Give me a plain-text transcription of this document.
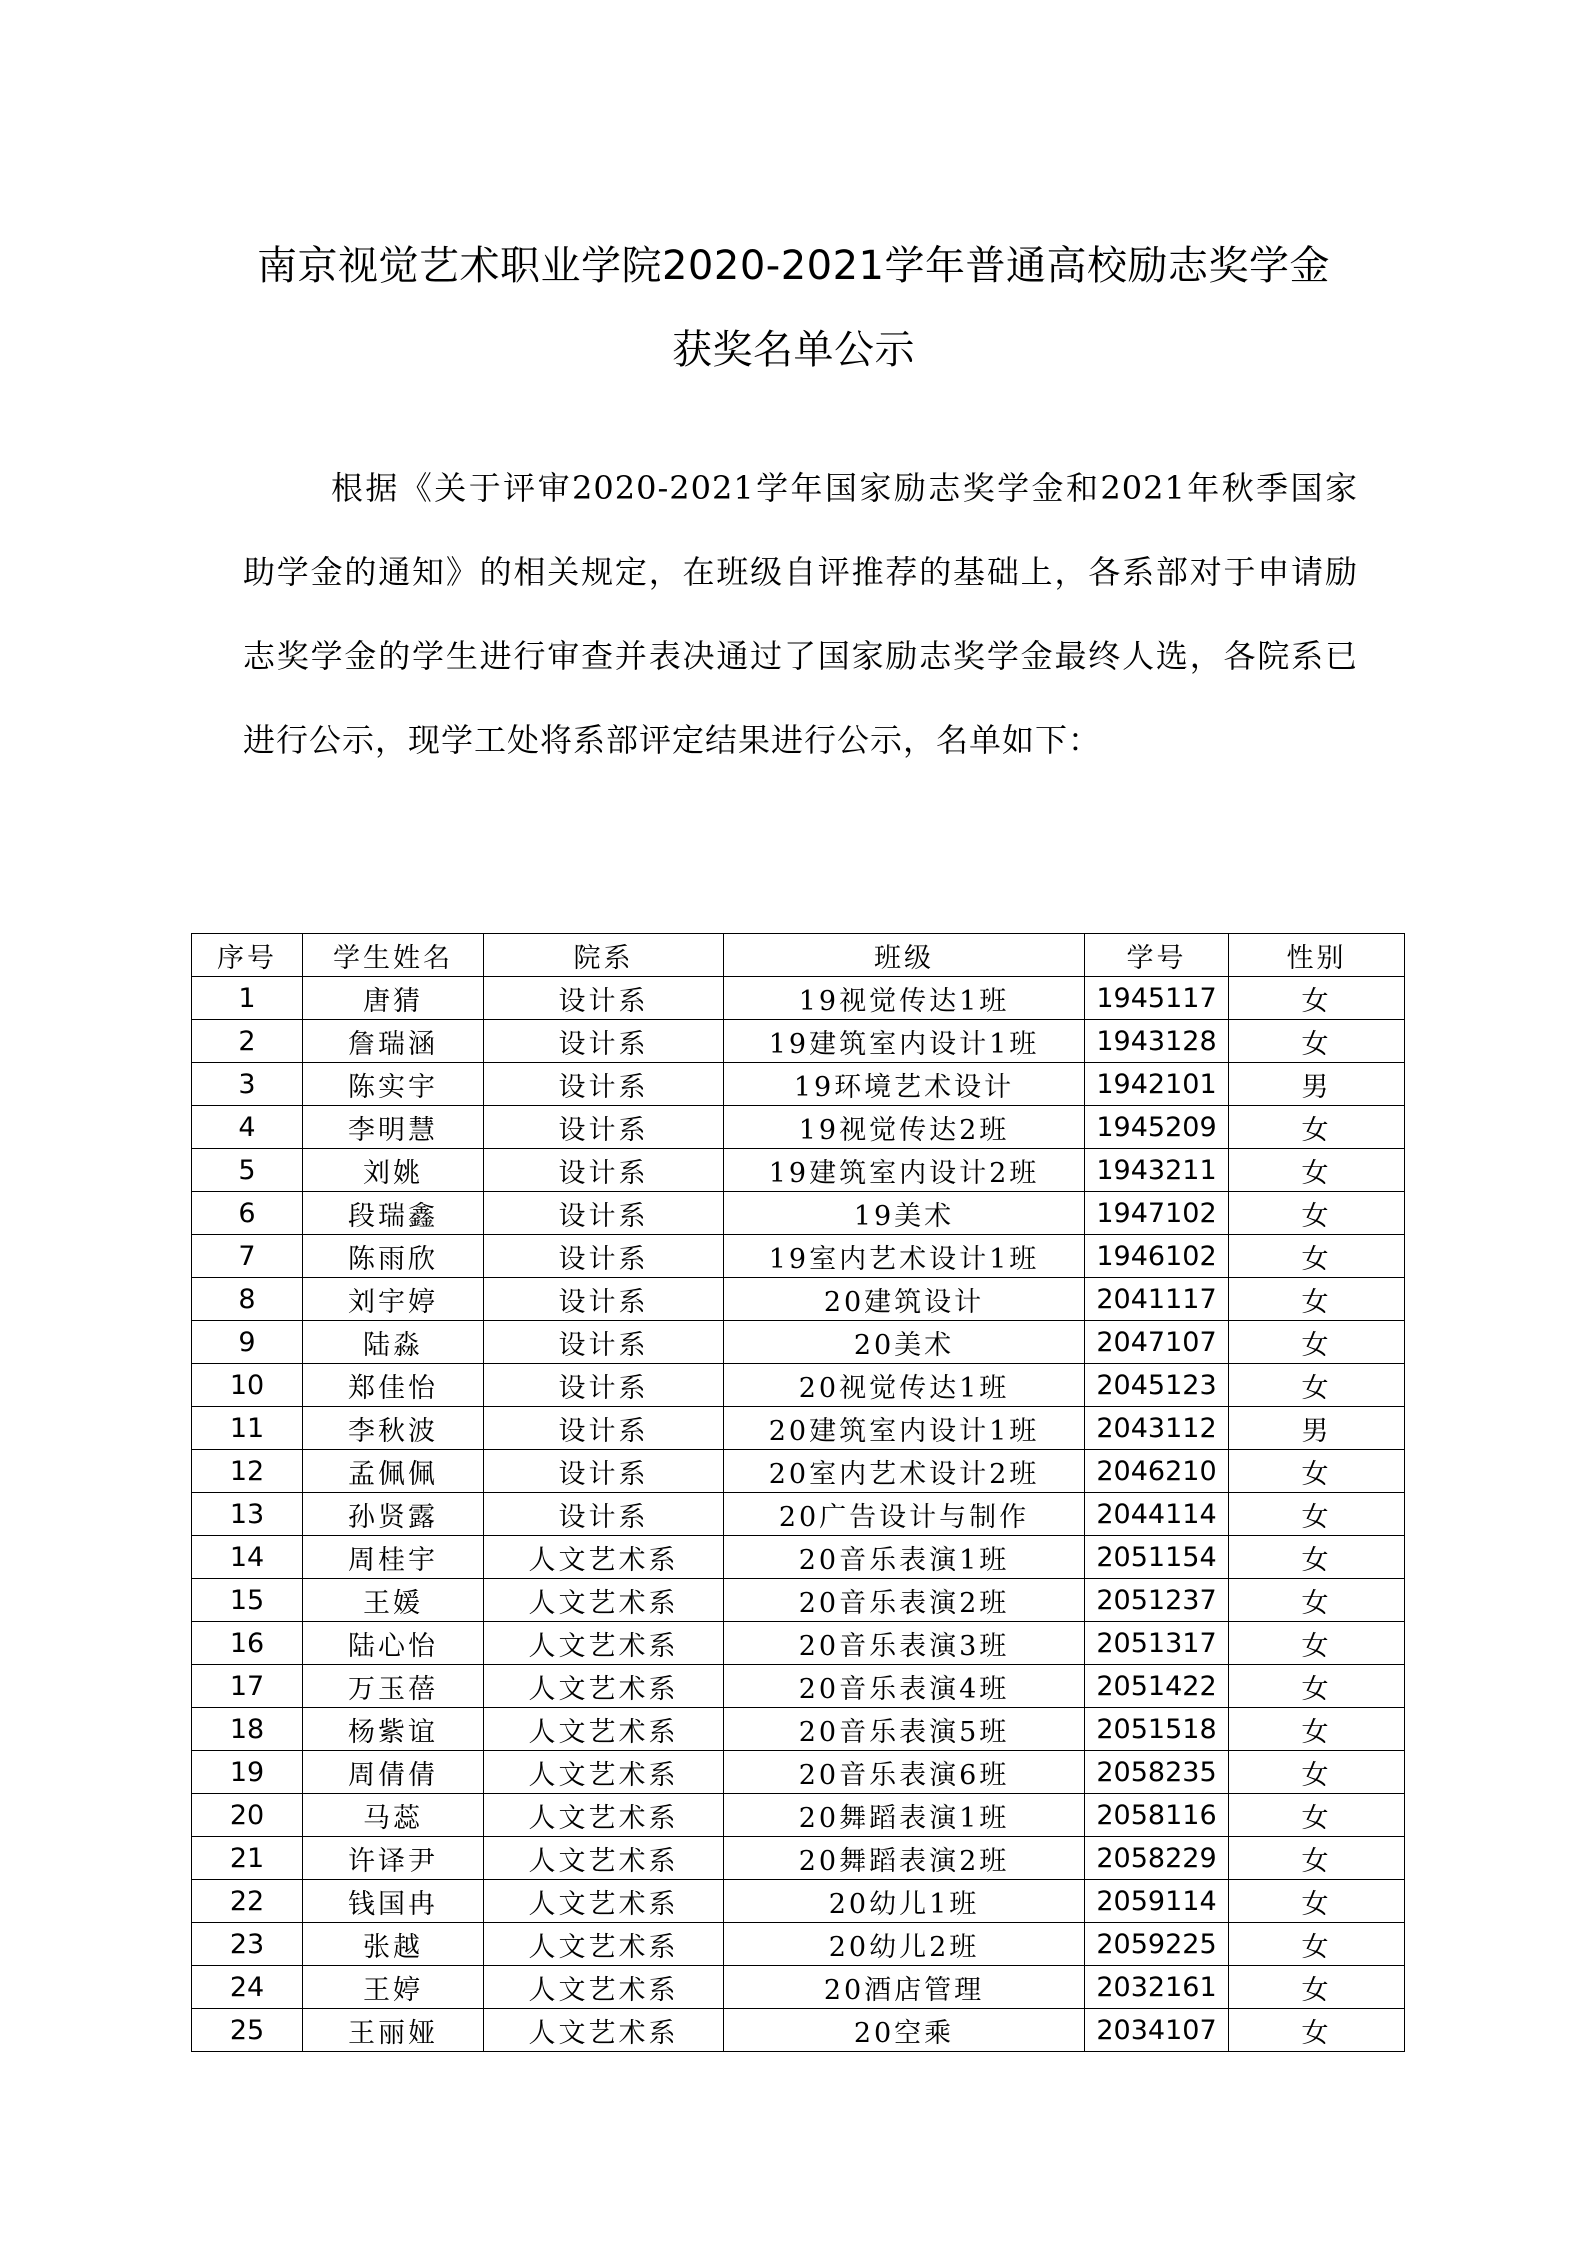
南京视觉艺术职业学院2020-2021学年普通高校励志奖学金
获奖名单公示

根据《关于评审2020-2021学年国家励志奖学金和2021年秋季国家助学金的通知》的相关规定，在班级自评推荐的基础上，各系部对于申请励志奖学金的学生进行审查并表决通过了国家励志奖学金最终人选，各院系已进行公示，现学工处将系部评定结果进行公示，名单如下：

序号	学生姓名	院系	班级	学号	性别
1	唐猜	设计系	19视觉传达1班	1945117	女
2	詹瑞涵	设计系	19建筑室内设计1班	1943128	女
3	陈实宇	设计系	19环境艺术设计	1942101	男
4	李明慧	设计系	19视觉传达2班	1945209	女
5	刘姚	设计系	19建筑室内设计2班	1943211	女
6	段瑞鑫	设计系	19美术	1947102	女
7	陈雨欣	设计系	19室内艺术设计1班	1946102	女
8	刘宇婷	设计系	20建筑设计	2041117	女
9	陆淼	设计系	20美术	2047107	女
10	郑佳怡	设计系	20视觉传达1班	2045123	女
11	李秋波	设计系	20建筑室内设计1班	2043112	男
12	孟佩佩	设计系	20室内艺术设计2班	2046210	女
13	孙贤露	设计系	20广告设计与制作	2044114	女
14	周桂宇	人文艺术系	20音乐表演1班	2051154	女
15	王媛	人文艺术系	20音乐表演2班	2051237	女
16	陆心怡	人文艺术系	20音乐表演3班	2051317	女
17	万玉蓓	人文艺术系	20音乐表演4班	2051422	女
18	杨紫谊	人文艺术系	20音乐表演5班	2051518	女
19	周倩倩	人文艺术系	20音乐表演6班	2058235	女
20	马蕊	人文艺术系	20舞蹈表演1班	2058116	女
21	许译尹	人文艺术系	20舞蹈表演2班	2058229	女
22	钱国冉	人文艺术系	20幼儿1班	2059114	女
23	张越	人文艺术系	20幼儿2班	2059225	女
24	王婷	人文艺术系	20酒店管理	2032161	女
25	王丽娅	人文艺术系	20空乘	2034107	女
